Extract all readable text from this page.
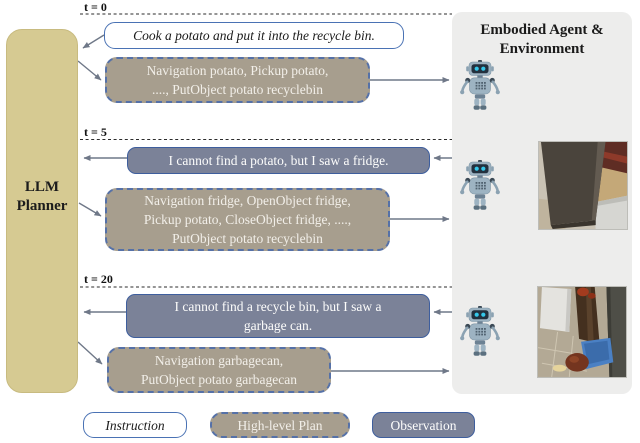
Embodied Agent &
Environment
LLM
Planner
t = 0
t = 5
t = 20
Cook a potato and put it into the recycle bin.
Navigation potato, Pickup potato,
...., PutObject potato recyclebin
I cannot find a potato, but I saw a fridge.
Navigation fridge, OpenObject fridge,
Pickup potato, CloseObject fridge, ....,
PutObject potato recyclebin
I cannot find a recycle bin, but I saw a
garbage can.
Navigation garbagecan,
PutObject potato garbagecan
Instruction	High-level Plan	Observation
